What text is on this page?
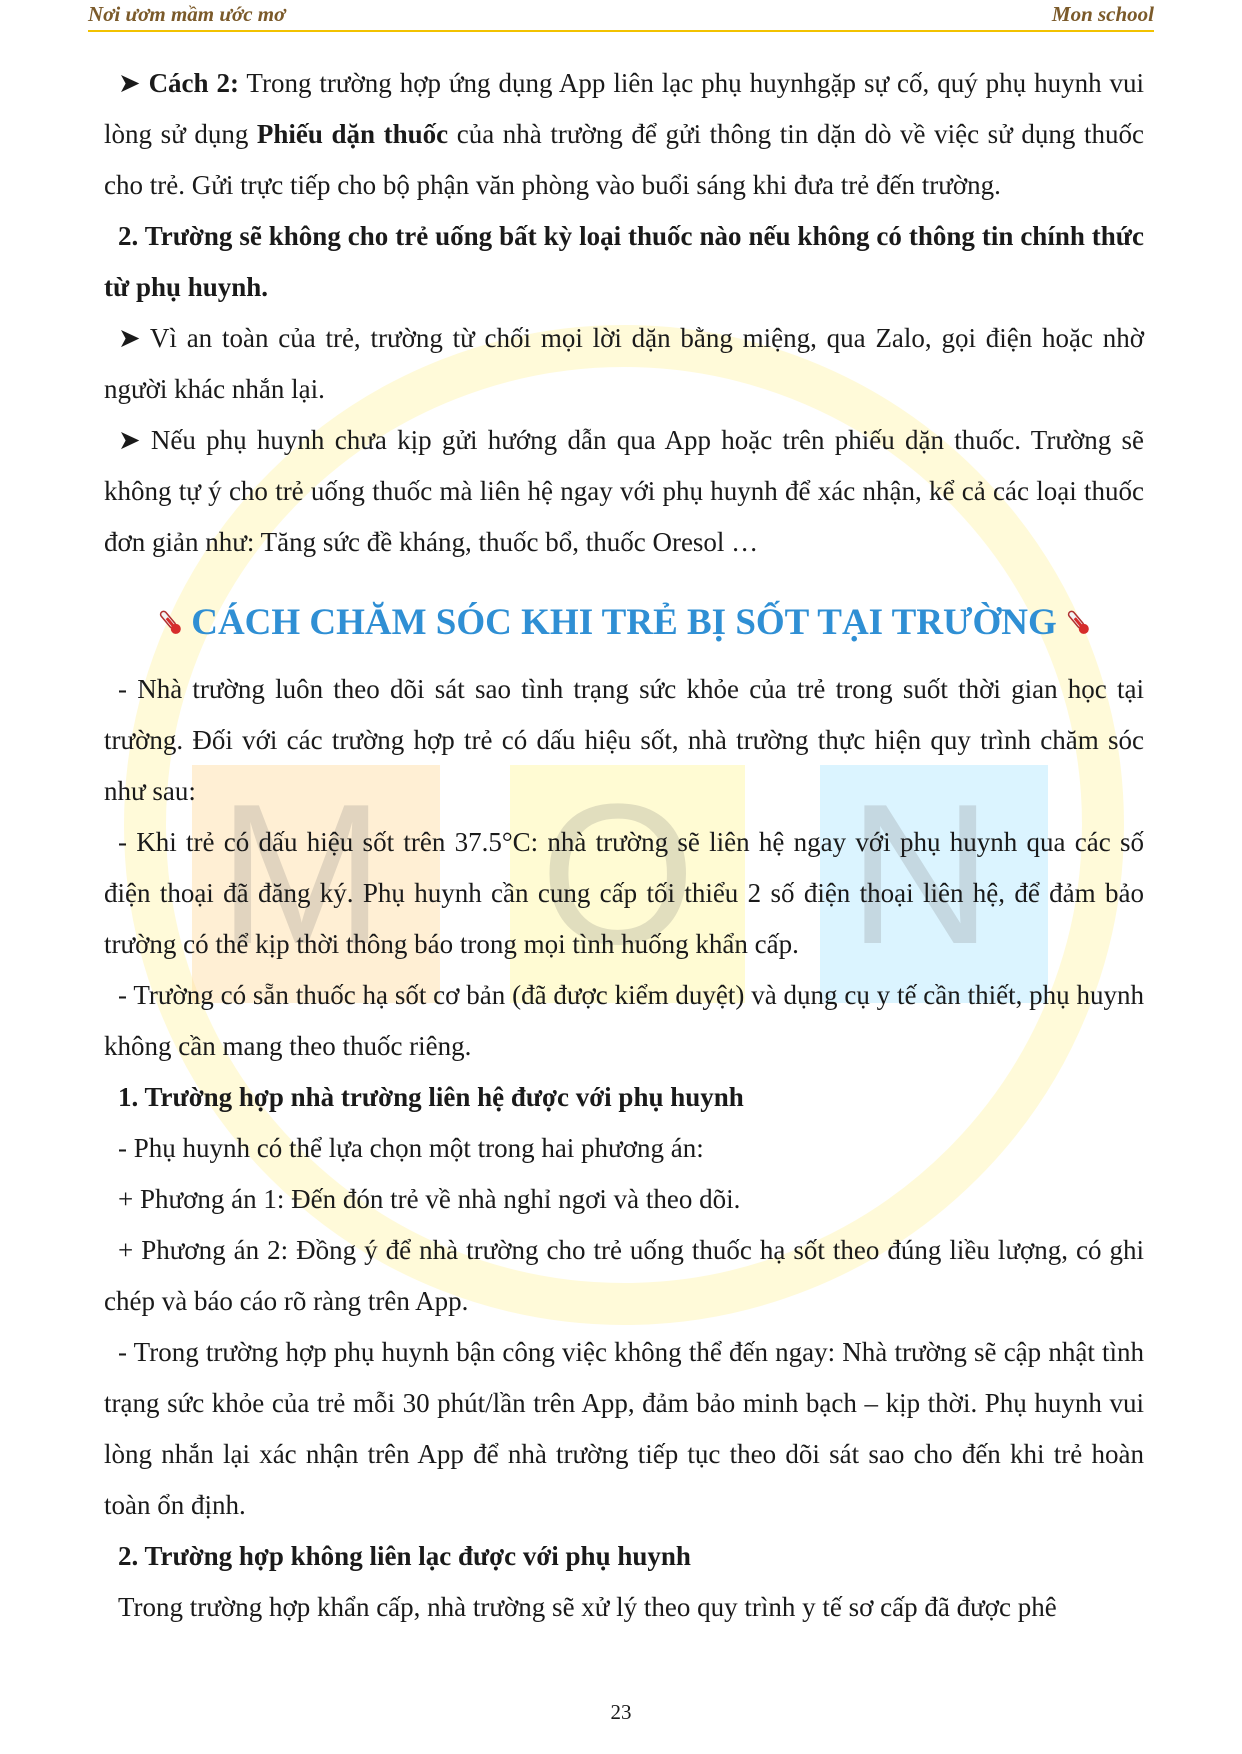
Nơi ươm mầm ước mơ	Mon school
M O N

➤ Cách 2: Trong trường hợp ứng dụng App liên lạc phụ huynhgặp sự cố, quý phụ huynh vui lòng sử dụng Phiếu dặn thuốc của nhà trường để gửi thông tin dặn dò về việc sử dụng thuốc cho trẻ. Gửi trực tiếp cho bộ phận văn phòng vào buổi sáng khi đưa trẻ đến trường.

2. Trường sẽ không cho trẻ uống bất kỳ loại thuốc nào nếu không có thông tin chính thức từ phụ huynh.

➤ Vì an toàn của trẻ, trường từ chối mọi lời dặn bằng miệng, qua Zalo, gọi điện hoặc nhờ người khác nhắn lại.

➤ Nếu phụ huynh chưa kịp gửi hướng dẫn qua App hoặc trên phiếu dặn thuốc. Trường sẽ không tự ý cho trẻ uống thuốc mà liên hệ ngay với phụ huynh để xác nhận, kể cả các loại thuốc đơn giản như: Tăng sức đề kháng, thuốc bổ, thuốc Oresol …

CÁCH CHĂM SÓC KHI TRẺ BỊ SỐT TẠI TRƯỜNG

- Nhà trường luôn theo dõi sát sao tình trạng sức khỏe của trẻ trong suốt thời gian học tại trường. Đối với các trường hợp trẻ có dấu hiệu sốt, nhà trường thực hiện quy trình chăm sóc như sau:

- Khi trẻ có dấu hiệu sốt trên 37.5°C: nhà trường sẽ liên hệ ngay với phụ huynh qua các số điện thoại đã đăng ký. Phụ huynh cần cung cấp tối thiểu 2 số điện thoại liên hệ, để đảm bảo trường có thể kịp thời thông báo trong mọi tình huống khẩn cấp.

- Trường có sẵn thuốc hạ sốt cơ bản (đã được kiểm duyệt) và dụng cụ y tế cần thiết, phụ huynh không cần mang theo thuốc riêng.

1. Trường hợp nhà trường liên hệ được với phụ huynh

- Phụ huynh có thể lựa chọn một trong hai phương án:

+ Phương án 1: Đến đón trẻ về nhà nghỉ ngơi và theo dõi.

+ Phương án 2: Đồng ý để nhà trường cho trẻ uống thuốc hạ sốt theo đúng liều lượng, có ghi chép và báo cáo rõ ràng trên App.

- Trong trường hợp phụ huynh bận công việc không thể đến ngay: Nhà trường sẽ cập nhật tình trạng sức khỏe của trẻ mỗi 30 phút/lần trên App, đảm bảo minh bạch – kịp thời. Phụ huynh vui lòng nhắn lại xác nhận trên App để nhà trường tiếp tục theo dõi sát sao cho đến khi trẻ hoàn toàn ổn định.

2. Trường hợp không liên lạc được với phụ huynh

Trong trường hợp khẩn cấp, nhà trường sẽ xử lý theo quy trình y tế sơ cấp đã được phê

23
